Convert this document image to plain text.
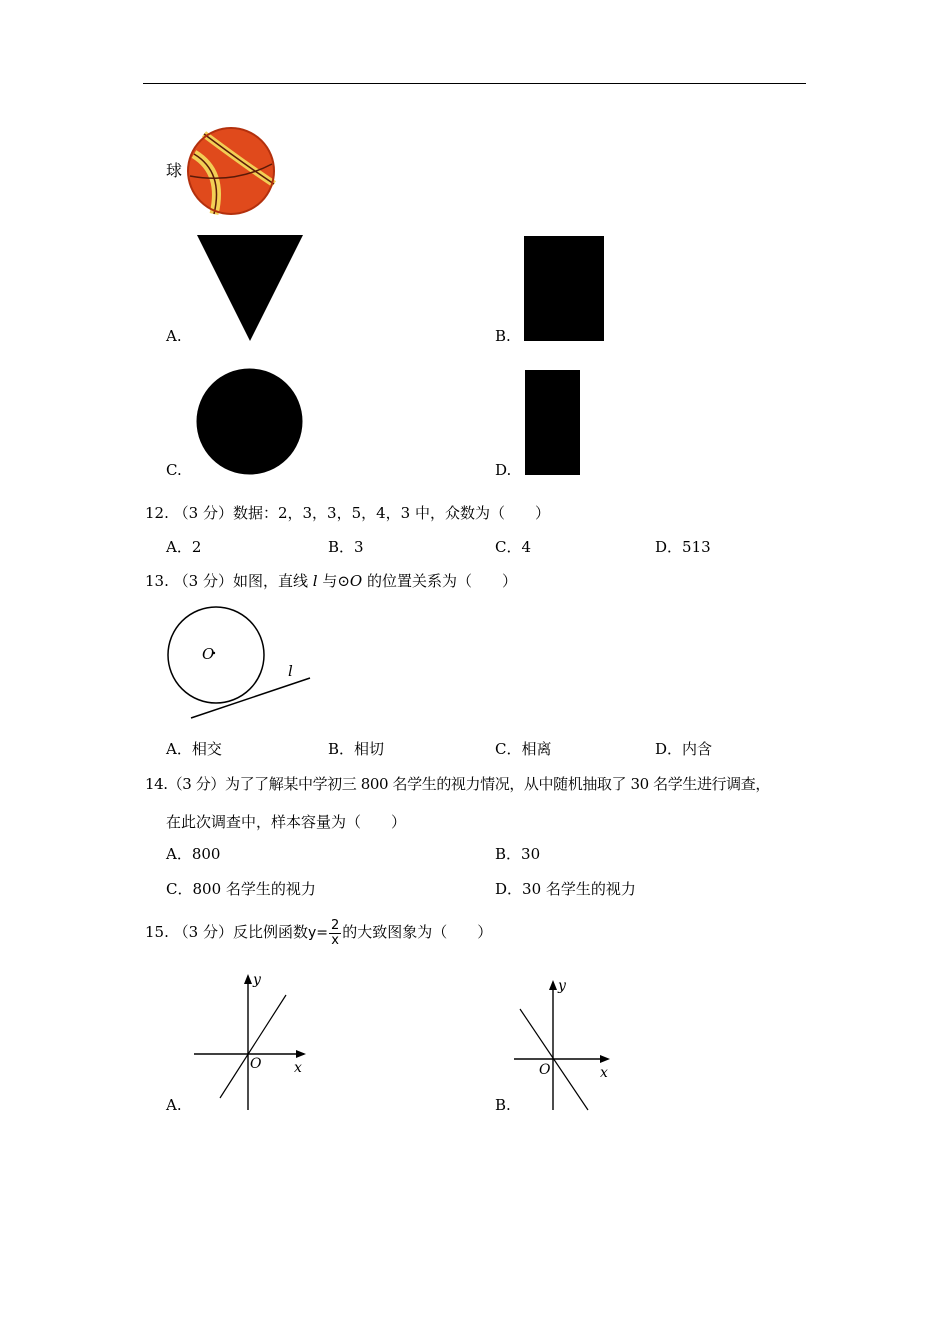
球
A.	B.
C.	D.
12. （3 分）数据：2，3，3，5，4，3 中，众数为（　　）
A．2	B．3	C．4	D．513
13. （3 分）如图，直线 l 与⊙O 的位置关系为（　　）
O
l
A．相交	B．相切	C．相离	D．内含
14.（3 分）为了了解某中学初三 800 名学生的视力情况，从中随机抽取了 30 名学生进行调查，
在此次调查中，样本容量为（　　）
A．800	B．30
C．800 名学生的视力	D．30 名学生的视力
15. （3 分）反比例函数$y= \frac{2}{x}$ 的大致图象为（　　）
A.
y
x
O
B.
y
x
O
